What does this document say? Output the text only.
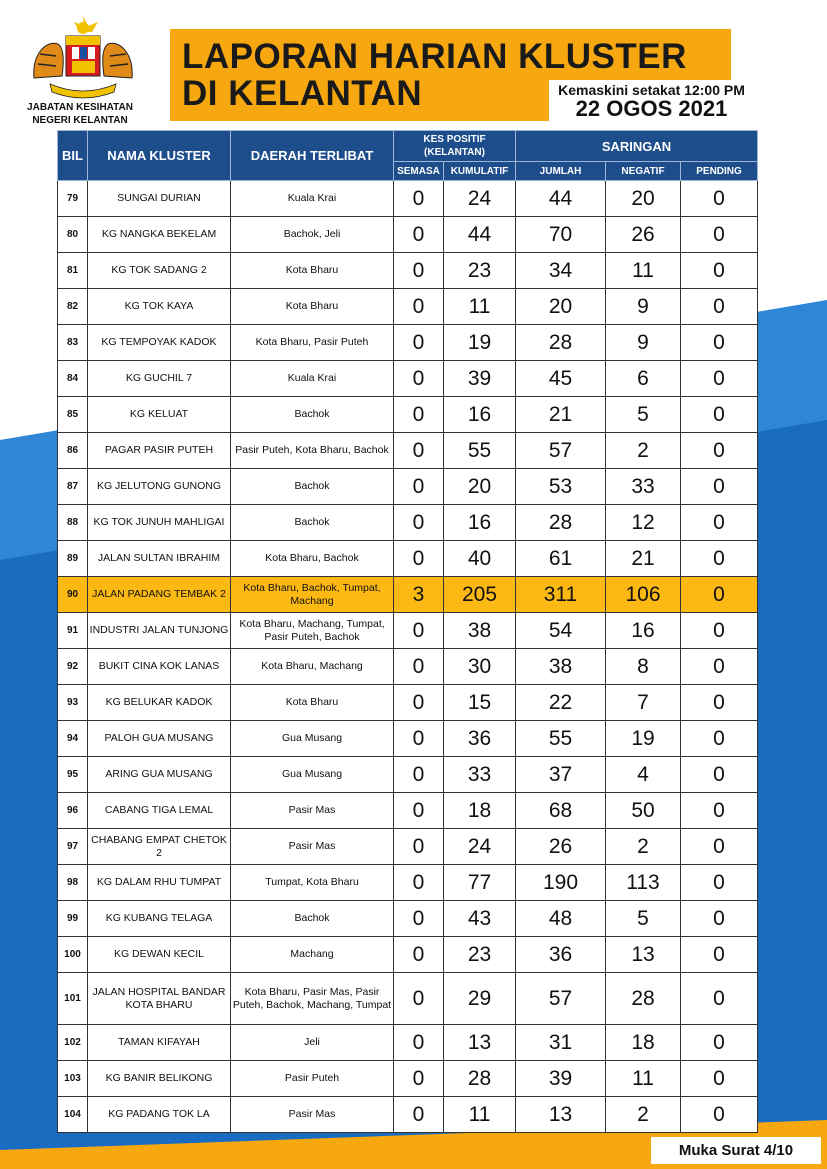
JABATAN KESIHATAN
NEGERI KELANTAN
LAPORAN HARIAN KLUSTER
DI KELANTAN	Kemaskini setakat 12:00 PM
22 OGOS 2021
BIL	NAMA KLUSTER	DAERAH TERLIBAT	KES POSITIF (KELANTAN)		SARINGAN		
			SEMASA	KUMULATIF	JUMLAH	NEGATIF	PENDING
79	SUNGAI DURIAN	Kuala Krai	0	24	44	20	0
80	KG NANGKA BEKELAM	Bachok, Jeli	0	44	70	26	0
81	KG TOK SADANG 2	Kota Bharu	0	23	34	11	0
82	KG TOK KAYA	Kota Bharu	0	11	20	9	0
83	KG TEMPOYAK KADOK	Kota Bharu, Pasir Puteh	0	19	28	9	0
84	KG GUCHIL 7	Kuala Krai	0	39	45	6	0
85	KG KELUAT	Bachok	0	16	21	5	0
86	PAGAR PASIR PUTEH	Pasir Puteh, Kota Bharu, Bachok	0	55	57	2	0
87	KG JELUTONG GUNONG	Bachok	0	20	53	33	0
88	KG TOK JUNUH MAHLIGAI	Bachok	0	16	28	12	0
89	JALAN SULTAN IBRAHIM	Kota Bharu, Bachok	0	40	61	21	0
90	JALAN PADANG TEMBAK 2	Kota Bharu, Bachok, Tumpat, Machang	3	205	311	106	0
91	INDUSTRI JALAN TUNJONG	Kota Bharu, Machang, Tumpat, Pasir Puteh, Bachok	0	38	54	16	0
92	BUKIT CINA KOK LANAS	Kota Bharu, Machang	0	30	38	8	0
93	KG BELUKAR KADOK	Kota Bharu	0	15	22	7	0
94	PALOH GUA MUSANG	Gua Musang	0	36	55	19	0
95	ARING GUA MUSANG	Gua Musang	0	33	37	4	0
96	CABANG TIGA LEMAL	Pasir Mas	0	18	68	50	0
97	CHABANG EMPAT CHETOK 2	Pasir Mas	0	24	26	2	0
98	KG DALAM RHU TUMPAT	Tumpat, Kota Bharu	0	77	190	113	0
99	KG KUBANG TELAGA	Bachok	0	43	48	5	0
100	KG DEWAN KECIL	Machang	0	23	36	13	0
101	JALAN HOSPITAL BANDAR KOTA BHARU	Kota Bharu, Pasir Mas, Pasir Puteh, Bachok, Machang, Tumpat	0	29	57	28	0
102	TAMAN KIFAYAH	Jeli	0	13	31	18	0
103	KG BANIR BELIKONG	Pasir Puteh	0	28	39	11	0
104	KG PADANG TOK LA	Pasir Mas	0	11	13	2	0
Muka Surat 4/10
